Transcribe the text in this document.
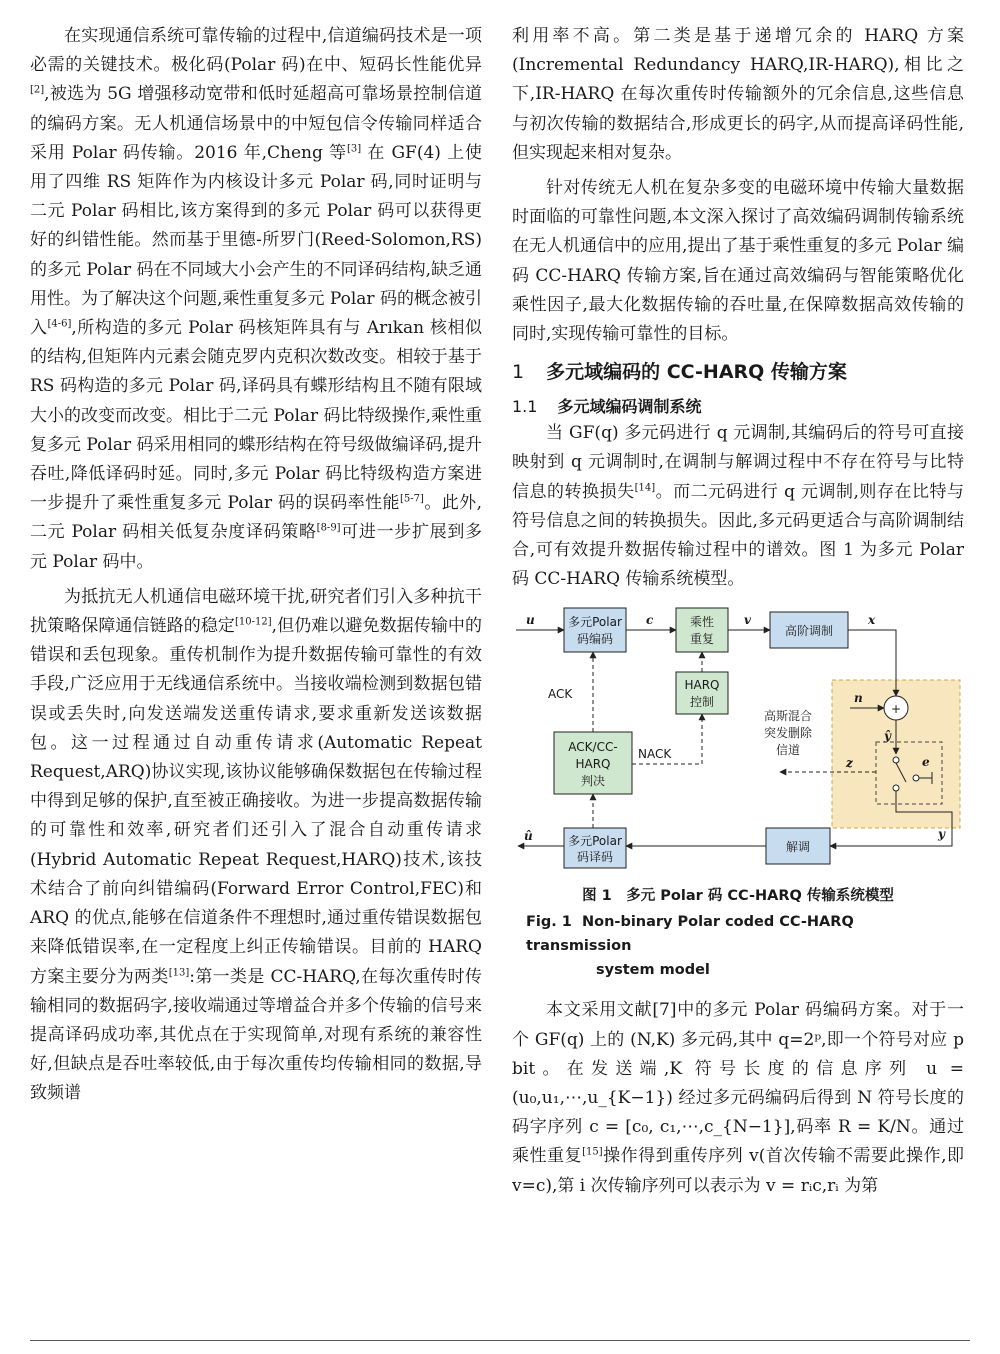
在实现通信系统可靠传输的过程中,信道编码技术是一项必需的关键技术。极化码(Polar 码)在中、短码长性能优异[2],被选为 5G 增强移动宽带和低时延超高可靠场景控制信道的编码方案。无人机通信场景中的中短包信令传输同样适合采用 Polar 码传输。2016 年,Cheng 等[3] 在 GF(4) 上使用了四维 RS 矩阵作为内核设计多元 Polar 码,同时证明与二元 Polar 码相比,该方案得到的多元 Polar 码可以获得更好的纠错性能。然而基于里德-所罗门(Reed-Solomon,RS)的多元 Polar 码在不同域大小会产生的不同译码结构,缺乏通用性。为了解决这个问题,乘性重复多元 Polar 码的概念被引入[4-6],所构造的多元 Polar 码核矩阵具有与 Arıkan 核相似的结构,但矩阵内元素会随克罗内克积次数改变。相较于基于 RS 码构造的多元 Polar 码,译码具有蝶形结构且不随有限域大小的改变而改变。相比于二元 Polar 码比特级操作,乘性重复多元 Polar 码采用相同的蝶形结构在符号级做编译码,提升吞吐,降低译码时延。同时,多元 Polar 码比特级构造方案进一步提升了乘性重复多元 Polar 码的误码率性能[5-7]。此外,二元 Polar 码相关低复杂度译码策略[8-9]可进一步扩展到多元 Polar 码中。

为抵抗无人机通信电磁环境干扰,研究者们引入多种抗干扰策略保障通信链路的稳定[10-12],但仍难以避免数据传输中的错误和丢包现象。重传机制作为提升数据传输可靠性的有效手段,广泛应用于无线通信系统中。当接收端检测到数据包错误或丢失时,向发送端发送重传请求,要求重新发送该数据包。这一过程通过自动重传请求(Automatic Repeat Request,ARQ)协议实现,该协议能够确保数据包在传输过程中得到足够的保护,直至被正确接收。为进一步提高数据传输的可靠性和效率,研究者们还引入了混合自动重传请求(Hybrid Automatic Repeat Request,HARQ)技术,该技术结合了前向纠错编码(Forward Error Control,FEC)和 ARQ 的优点,能够在信道条件不理想时,通过重传错误数据包来降低错误率,在一定程度上纠正传输错误。目前的 HARQ 方案主要分为两类[13]:第一类是 CC-HARQ,在每次重传时传输相同的数据码字,接收端通过等增益合并多个传输的信号来提高译码成功率,其优点在于实现简单,对现有系统的兼容性好,但缺点是吞吐率较低,由于每次重传均传输相同的数据,导致频谱

利用率不高。第二类是基于递增冗余的 HARQ 方案(Incremental Redundancy HARQ,IR-HARQ),相比之下,IR-HARQ 在每次重传时传输额外的冗余信息,这些信息与初次传输的数据结合,形成更长的码字,从而提高译码性能,但实现起来相对复杂。

针对传统无人机在复杂多变的电磁环境中传输大量数据时面临的可靠性问题,本文深入探讨了高效编码调制传输系统在无人机通信中的应用,提出了基于乘性重复的多元 Polar 编码 CC-HARQ 传输方案,旨在通过高效编码与智能策略优化乘性因子,最大化数据传输的吞吐量,在保障数据高效传输的同时,实现传输可靠性的目标。

1 多元域编码的 CC-HARQ 传输方案
1.1 多元域编码调制系统

当 GF(q) 多元码进行 q 元调制,其编码后的符号可直接映射到 q 元调制时,在调制与解调过程中不存在符号与比特信息的转换损失[14]。而二元码进行 q 元调制,则存在比特与符号信息之间的转换损失。因此,多元码更适合与高阶调制结合,可有效提升数据传输过程中的谱效。图 1 为多元 Polar 码 CC-HARQ 传输系统模型。

多元Polar
码编码
乘性
重复
高阶调制
HARQ
控制
ACK/CC-
HARQ
判决
多元Polar
码译码
解调
高斯混合
突发删除
信道
u	c	v	x
+
n
ŷ
e
z
y
û
ACK
NACK
图 1　多元 Polar 码 CC-HARQ 传输系统模型
Fig. 1 Non-binary Polar coded CC-HARQ transmission
system model

本文采用文献[7]中的多元 Polar 码编码方案。对于一个 GF(q) 上的 (N,K) 多元码,其中 q=2ᵖ,即一个符号对应 p bit。在发送端,K 符号长度的信息序列 u = (u₀,u₁,⋯,u_{K−1}) 经过多元码编码后得到 N 符号长度的码字序列 c = [c₀, c₁,⋯,c_{N−1}],码率 R = K/N。通过乘性重复[15]操作得到重传序列 v(首次传输不需要此操作,即 v=c),第 i 次传输序列可以表示为 v = rᵢc,rᵢ 为第
